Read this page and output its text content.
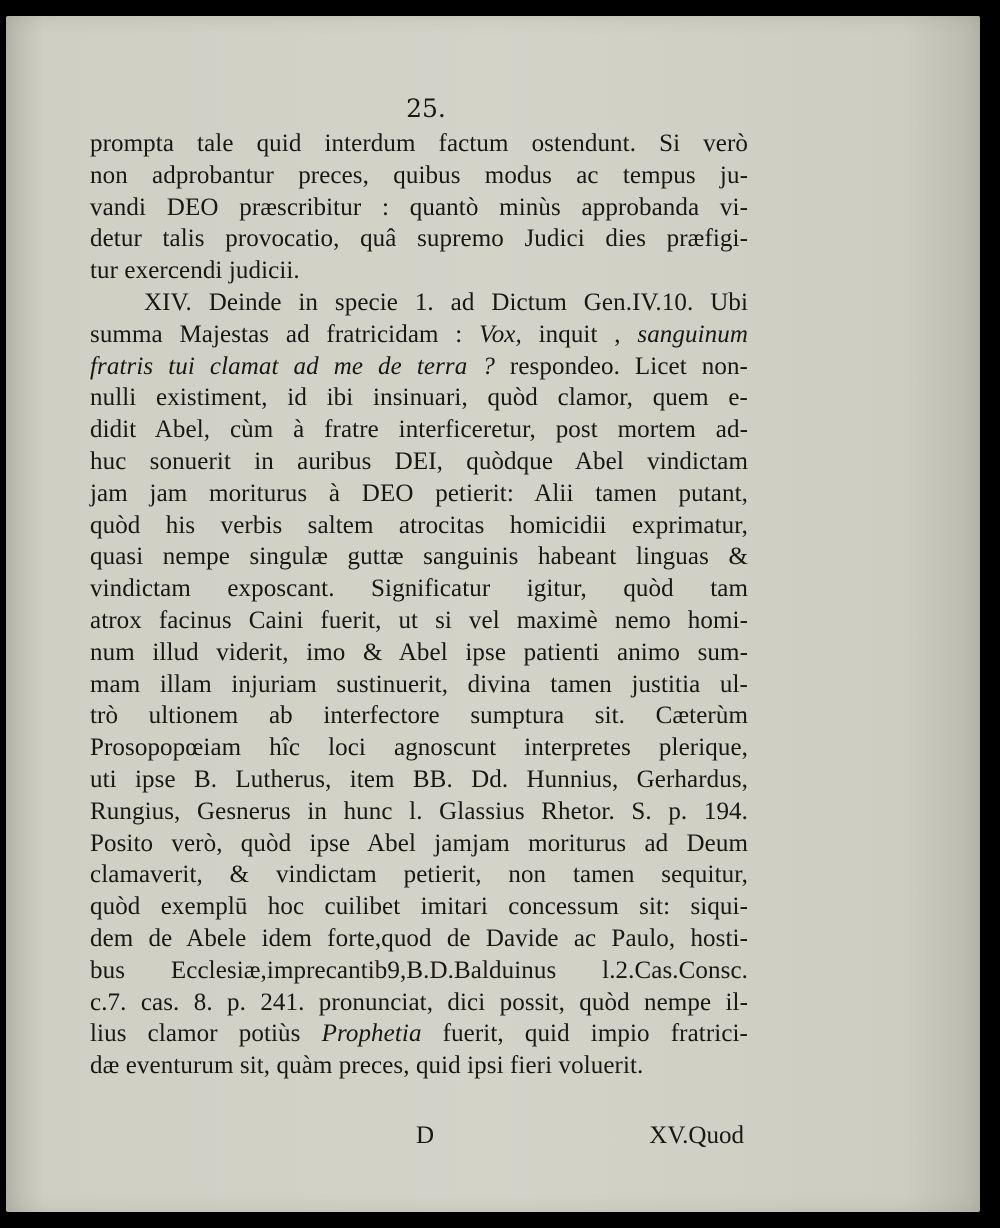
25.
prompta tale quid interdum factum ostendunt. Si verò
non adprobantur preces, quibus modus ac tempus ju-
vandi DEO præscribitur : quantò minùs approbanda vi-
detur talis provocatio, quâ supremo Judici dies præfigi-
tur exercendi judicii.
XIV. Deinde in specie 1. ad Dictum Gen.IV.10. Ubi
summa Majestas ad fratricidam : Vox, inquit , sanguinum
fratris tui clamat ad me de terra ? respondeo. Licet non-
nulli existiment, id ibi insinuari, quòd clamor, quem e-
didit Abel, cùm à fratre interficeretur, post mortem ad-
huc sonuerit in auribus DEI, quòdque Abel vindictam
jam jam moriturus à DEO petierit: Alii tamen putant,
quòd his verbis saltem atrocitas homicidii exprimatur,
quasi nempe singulæ guttæ sanguinis habeant linguas &
vindictam exposcant. Significatur igitur, quòd tam
atrox facinus Caini fuerit, ut si vel maximè nemo homi-
num illud viderit, imo & Abel ipse patienti animo sum-
mam illam injuriam sustinuerit, divina tamen justitia ul-
trò ultionem ab interfectore sumptura sit. Cæterùm
Prosopopœiam hîc loci agnoscunt interpretes plerique,
uti ipse B. Lutherus, item BB. Dd. Hunnius, Gerhardus,
Rungius, Gesnerus in hunc l. Glassius Rhetor. S. p. 194.
Posito verò, quòd ipse Abel jamjam moriturus ad Deum
clamaverit, & vindictam petierit, non tamen sequitur,
quòd exemplū hoc cuilibet imitari concessum sit: siqui-
dem de Abele idem forte,quod de Davide ac Paulo, hosti-
bus Ecclesiæ,imprecantib9,B.D.Balduinus l.2.Cas.Consc.
c.7. cas. 8. p. 241. pronunciat, dici possit, quòd nempe il-
lius clamor potiùs Prophetia fuerit, quid impio fratrici-
dæ eventurum sit, quàm preces, quid ipsi fieri voluerit.
D	XV.Quod
